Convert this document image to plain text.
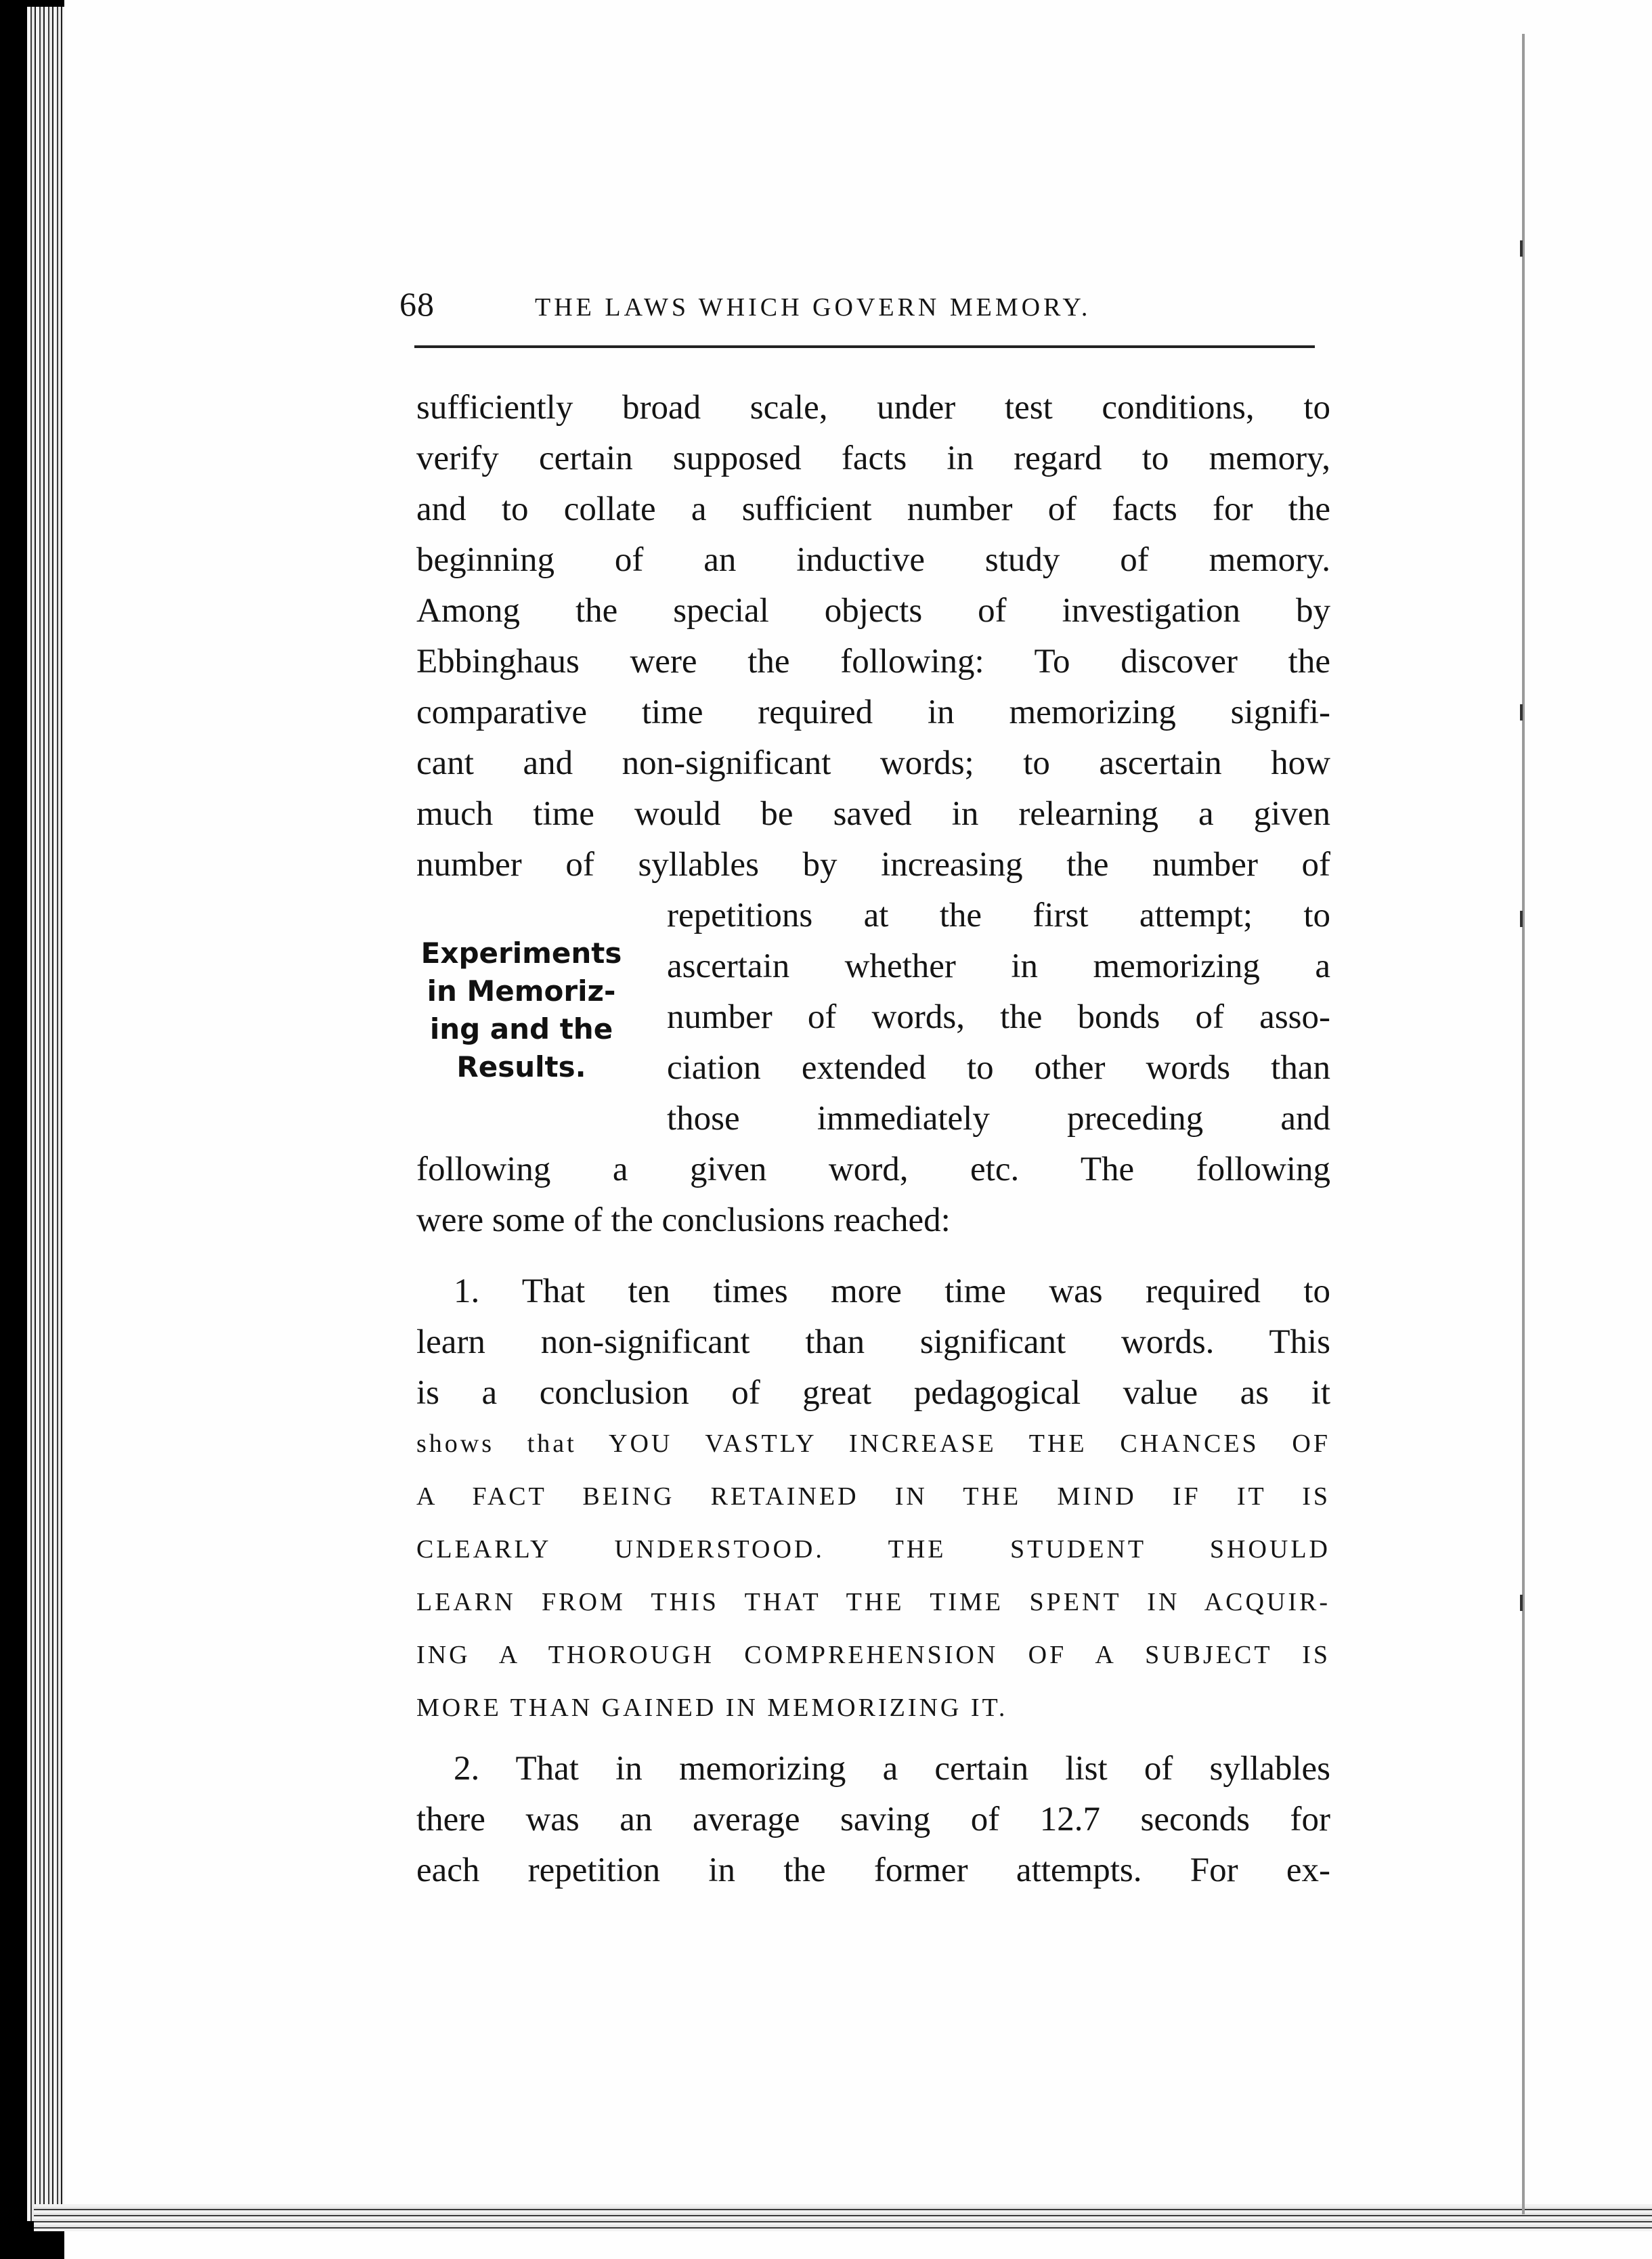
68	THE LAWS WHICH GOVERN MEMORY.
Experiments
in Memoriz-
ing and the
Results.
sufficiently broad scale, under test conditions, to
verify certain supposed facts in regard to memory,
and to collate a sufficient number of facts for the
beginning of an inductive study of memory.
Among the special objects of investigation by
Ebbinghaus were the following: To discover the
comparative time required in memorizing signifi-
cant and non-significant words; to ascertain how
much time would be saved in relearning a given
number of syllables by increasing the number of
repetitions at the first attempt; to
ascertain whether in memorizing a
number of words, the bonds of asso-
ciation extended to other words than
those immediately preceding and
following a given word, etc. The following
were some of the conclusions reached:
1. That ten times more time was required to
learn non-significant than significant words. This
is a conclusion of great pedagogical value as it
shows that YOU VASTLY INCREASE THE CHANCES OF
A FACT BEING RETAINED IN THE MIND IF IT IS
CLEARLY UNDERSTOOD. THE STUDENT SHOULD
LEARN FROM THIS THAT THE TIME SPENT IN ACQUIR-
ING A THOROUGH COMPREHENSION OF A SUBJECT IS
MORE THAN GAINED IN MEMORIZING IT.
2. That in memorizing a certain list of syllables
there was an average saving of 12.7 seconds for
each repetition in the former attempts. For ex-
